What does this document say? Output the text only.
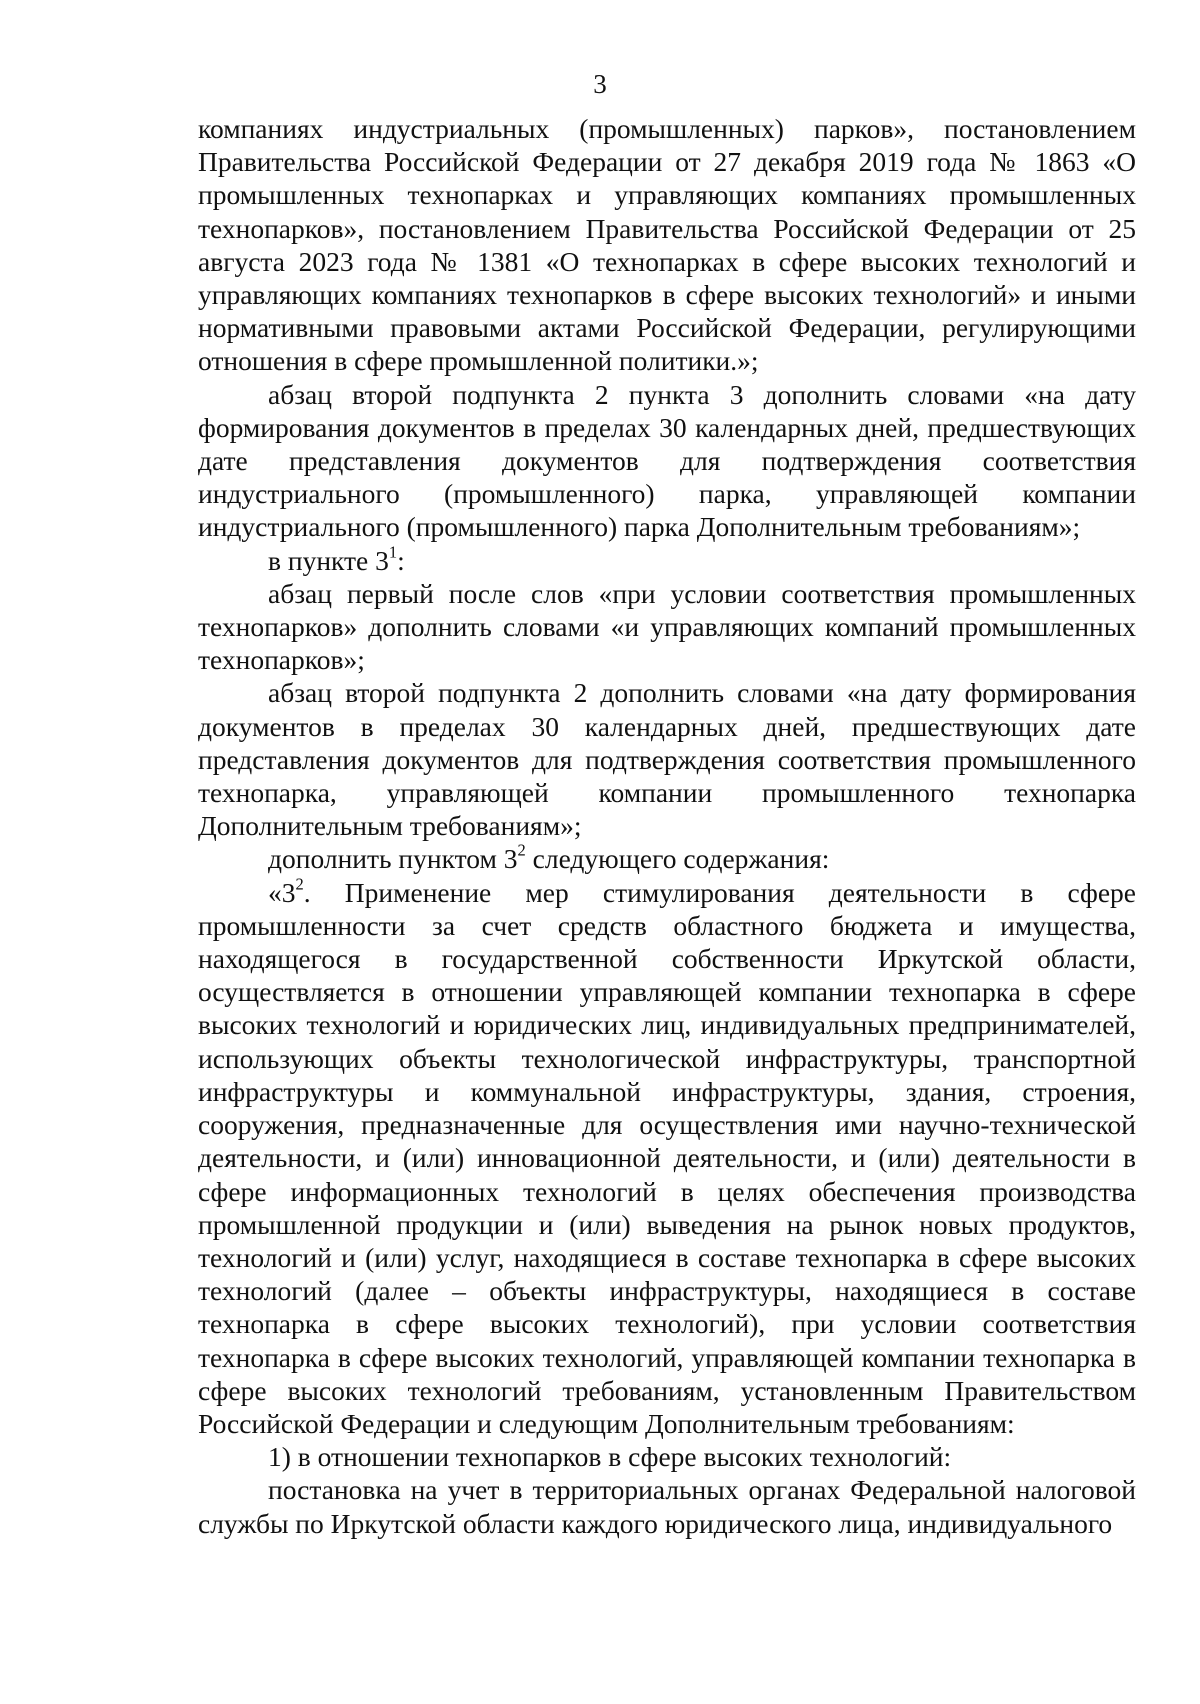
3

компаниях индустриальных (промышленных) парков», постановлением Правительства Российской Федерации от 27 декабря 2019 года № 1863 «О промышленных технопарках и управляющих компаниях промышленных технопарков», постановлением Правительства Российской Федерации от 25 августа 2023 года № 1381 «О технопарках в сфере высоких технологий и управляющих компаниях технопарков в сфере высоких технологий» и иными нормативными правовыми актами Российской Федерации, регулирующими отношения в сфере промышленной политики.»;

абзац второй подпункта 2 пункта 3 дополнить словами «на дату формирования документов в пределах 30 календарных дней, предшествующих дате представления документов для подтверждения соответствия индустриального (промышленного) парка, управляющей компании индустриального (промышленного) парка Дополнительным требованиям»;

в пункте $3^1$:

абзац первый после слов «при условии соответствия промышленных технопарков» дополнить словами «и управляющих компаний промышленных технопарков»;

абзац второй подпункта 2 дополнить словами «на дату формирования документов в пределах 30 календарных дней, предшествующих дате представления документов для подтверждения соответствия промышленного технопарка, управляющей компании промышленного технопарка Дополнительным требованиям»;

дополнить пунктом $3^2$ следующего содержания:

«$3^2$. Применение мер стимулирования деятельности в сфере промышленности за счет средств областного бюджета и имущества, находящегося в государственной собственности Иркутской области, осуществляется в отношении управляющей компании технопарка в сфере высоких технологий и юридических лиц, индивидуальных предпринимателей, использующих объекты технологической инфраструктуры, транспортной инфраструктуры и коммунальной инфраструктуры, здания, строения, сооружения, предназначенные для осуществления ими научно-технической деятельности, и (или) инновационной деятельности, и (или) деятельности в сфере информационных технологий в целях обеспечения производства промышленной продукции и (или) выведения на рынок новых продуктов, технологий и (или) услуг, находящиеся в составе технопарка в сфере высоких технологий (далее – объекты инфраструктуры, находящиеся в составе технопарка в сфере высоких технологий), при условии соответствия технопарка в сфере высоких технологий, управляющей компании технопарка в сфере высоких технологий требованиям, установленным Правительством Российской Федерации и следующим Дополнительным требованиям:

1) в отношении технопарков в сфере высоких технологий:

постановка на учет в территориальных органах Федеральной налоговой службы по Иркутской области каждого юридического лица, индивидуального
